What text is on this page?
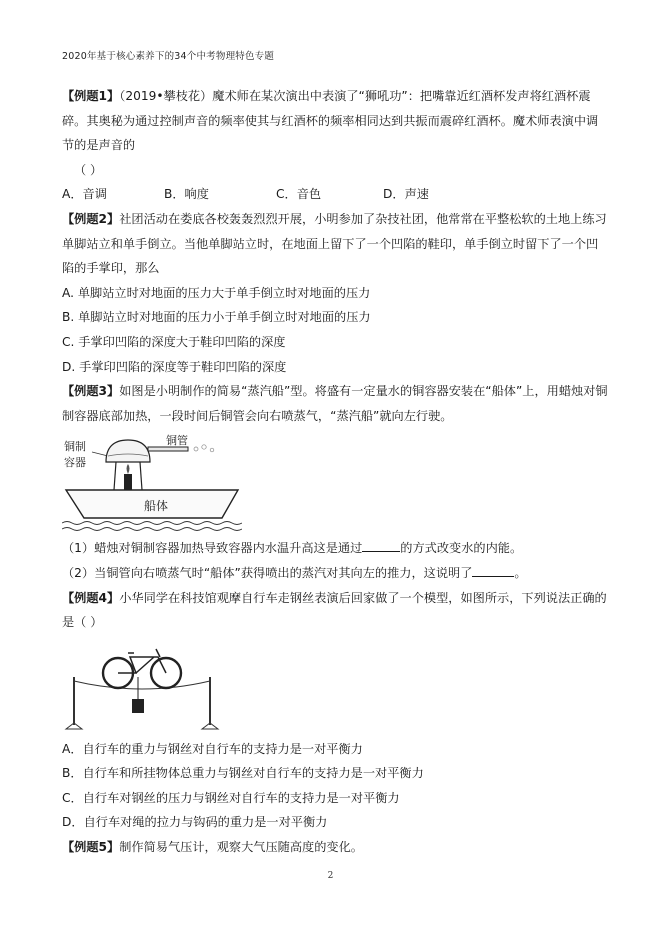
2020年基于核心素养下的34个中考物理特色专题

【例题1】（2019•攀枝花）魔术师在某次演出中表演了“狮吼功”：把嘴靠近红酒杯发声将红酒杯震碎。其奥秘为通过控制声音的频率使其与红酒杯的频率相同达到共振而震碎红酒杯。魔术师表演中调节的是声音的

（ ）

A．音调	B．响度	C．音色	D．声速

【例题2】社团活动在娄底各校轰轰烈烈开展，小明参加了杂技社团，他常常在平整松软的土地上练习单脚站立和单手倒立。当他单脚站立时，在地面上留下了一个凹陷的鞋印，单手倒立时留下了一个凹陷的手掌印，那么

A. 单脚站立时对地面的压力大于单手倒立时对地面的压力

B. 单脚站立时对地面的压力小于单手倒立时对地面的压力

C. 手掌印凹陷的深度大于鞋印凹陷的深度

D. 手掌印凹陷的深度等于鞋印凹陷的深度

【例题3】如图是小明制作的简易“蒸汽船”型。将盛有一定量水的铜容器安装在“船体”上，用蜡烛对铜制容器底部加热，一段时间后铜管会向右喷蒸气，“蒸汽船”就向左行驶。

铜管
铜制
容器
船体

（1）蜡烛对铜制容器加热导致容器内水温升高这是通过	的方式改变水的内能。

（2）当铜管向右喷蒸气时“船体”获得喷出的蒸汽对其向左的推力，这说明了	。

【例题4】小华同学在科技馆观摩自行车走钢丝表演后回家做了一个模型，如图所示，下列说法正确的是（ ）

A．自行车的重力与钢丝对自行车的支持力是一对平衡力

B．自行车和所挂物体总重力与钢丝对自行车的支持力是一对平衡力

C．自行车对钢丝的压力与钢丝对自行车的支持力是一对平衡力

D．自行车对绳的拉力与钩码的重力是一对平衡力

【例题5】制作简易气压计，观察大气压随高度的变化。

2
